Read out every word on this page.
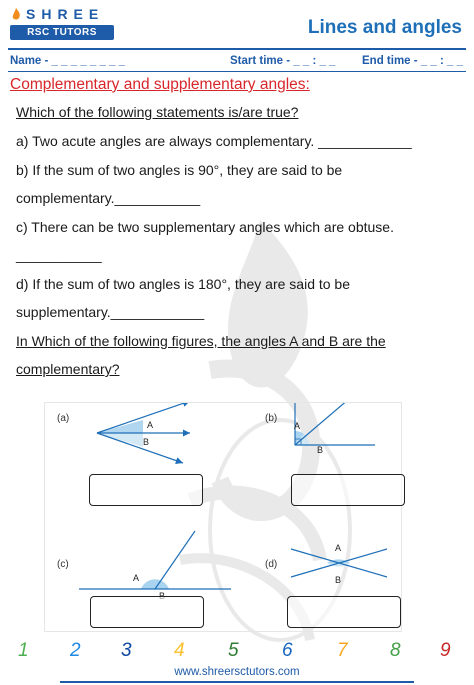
SHREE
RSC TUTORS	Lines and angles
Name - _ _ _ _ _ _ _ _	Start time - _ _ : _ _ End time - _ _ : _ _
Complementary and supplementary angles:
Which of the following statements is/are true?
a) Two acute angles are always complementary. ____________
b) If the sum of two angles is 90°, they are said to be
complementary.___________
c) There can be two supplementary angles which are obtuse.
___________
d) If the sum of two angles is 180°, they are said to be
supplementary.____________
In Which of the following figures, the angles A and B are the
complementary?
A
B
A
B
A
A
B
(a)	(b)
(c)	(d)
1 2 3 4 5 6 7 8 9
www.shreersctutors.com
